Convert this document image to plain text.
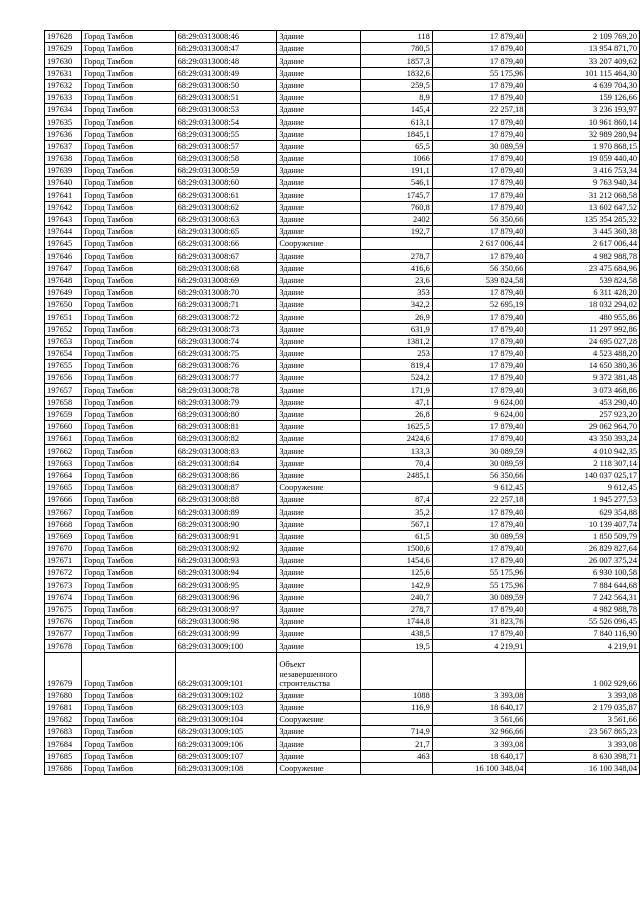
197628	Город Тамбов	68:29:0313008:46	Здание	118	17 879,40	2 109 769,20
197629	Город Тамбов	68:29:0313008:47	Здание	780,5	17 879,40	13 954 871,70
197630	Город Тамбов	68:29:0313008:48	Здание	1857,3	17 879,40	33 207 409,62
197631	Город Тамбов	68:29:0313008:49	Здание	1832,6	55 175,96	101 115 464,30
197632	Город Тамбов	68:29:0313008:50	Здание	259,5	17 879,40	4 639 704,30
197633	Город Тамбов	68:29:0313008:51	Здание	8,9	17 879,40	159 126,66
197634	Город Тамбов	68:29:0313008:53	Здание	145,4	22 257,18	3 236 193,97
197635	Город Тамбов	68:29:0313008:54	Здание	613,1	17 879,40	10 961 860,14
197636	Город Тамбов	68:29:0313008:55	Здание	1845,1	17 879,40	32 989 280,94
197637	Город Тамбов	68:29:0313008:57	Здание	65,5	30 089,59	1 970 868,15
197638	Город Тамбов	68:29:0313008:58	Здание	1066	17 879,40	19 059 440,40
197639	Город Тамбов	68:29:0313008:59	Здание	191,1	17 879,40	3 416 753,34
197640	Город Тамбов	68:29:0313008:60	Здание	546,1	17 879,40	9 763 940,34
197641	Город Тамбов	68:29:0313008:61	Здание	1745,7	17 879,40	31 212 068,58
197642	Город Тамбов	68:29:0313008:62	Здание	760,8	17 879,40	13 602 647,52
197643	Город Тамбов	68:29:0313008:63	Здание	2402	56 350,66	135 354 285,32
197644	Город Тамбов	68:29:0313008:65	Здание	192,7	17 879,40	3 445 360,38
197645	Город Тамбов	68:29:0313008:66	Сооружение		2 617 006,44	2 617 006,44
197646	Город Тамбов	68:29:0313008:67	Здание	278,7	17 879,40	4 982 988,78
197647	Город Тамбов	68:29:0313008:68	Здание	416,6	56 350,66	23 475 684,96
197648	Город Тамбов	68:29:0313008:69	Здание	23,6	539 824,58	539 824,58
197649	Город Тамбов	68:29:0313008:70	Здание	353	17 879,40	6 311 428,20
197650	Город Тамбов	68:29:0313008:71	Здание	342,2	52 695,19	18 032 294,02
197651	Город Тамбов	68:29:0313008:72	Здание	26,9	17 879,40	480 955,86
197652	Город Тамбов	68:29:0313008:73	Здание	631,9	17 879,40	11 297 992,86
197653	Город Тамбов	68:29:0313008:74	Здание	1381,2	17 879,40	24 695 027,28
197654	Город Тамбов	68:29:0313008:75	Здание	253	17 879,40	4 523 488,20
197655	Город Тамбов	68:29:0313008:76	Здание	819,4	17 879,40	14 650 380,36
197656	Город Тамбов	68:29:0313008:77	Здание	524,2	17 879,40	9 372 381,48
197657	Город Тамбов	68:29:0313008:78	Здание	171,9	17 879,40	3 073 468,86
197658	Город Тамбов	68:29:0313008:79	Здание	47,1	9 624,00	453 290,40
197659	Город Тамбов	68:29:0313008:80	Здание	26,8	9 624,00	257 923,20
197660	Город Тамбов	68:29:0313008:81	Здание	1625,5	17 879,40	29 062 964,70
197661	Город Тамбов	68:29:0313008:82	Здание	2424,6	17 879,40	43 350 393,24
197662	Город Тамбов	68:29:0313008:83	Здание	133,3	30 089,59	4 010 942,35
197663	Город Тамбов	68:29:0313008:84	Здание	70,4	30 089,59	2 118 307,14
197664	Город Тамбов	68:29:0313008:86	Здание	2485,1	56 350,66	140 037 025,17
197665	Город Тамбов	68:29:0313008:87	Сооружение		9 612,45	9 612,45
197666	Город Тамбов	68:29:0313008:88	Здание	87,4	22 257,18	1 945 277,53
197667	Город Тамбов	68:29:0313008:89	Здание	35,2	17 879,40	629 354,88
197668	Город Тамбов	68:29:0313008:90	Здание	567,1	17 879,40	10 139 407,74
197669	Город Тамбов	68:29:0313008:91	Здание	61,5	30 089,59	1 850 509,79
197670	Город Тамбов	68:29:0313008:92	Здание	1500,6	17 879,40	26 829 827,64
197671	Город Тамбов	68:29:0313008:93	Здание	1454,6	17 879,40	26 007 375,24
197672	Город Тамбов	68:29:0313008:94	Здание	125,6	55 175,96	6 930 100,58
197673	Город Тамбов	68:29:0313008:95	Здание	142,9	55 175,96	7 884 644,68
197674	Город Тамбов	68:29:0313008:96	Здание	240,7	30 089,59	7 242 564,31
197675	Город Тамбов	68:29:0313008:97	Здание	278,7	17 879,40	4 982 988,78
197676	Город Тамбов	68:29:0313008:98	Здание	1744,8	31 823,76	55 526 096,45
197677	Город Тамбов	68:29:0313008:99	Здание	438,5	17 879,40	7 840 116,90
197678	Город Тамбов	68:29:0313009:100	Здание	19,5	4 219,91	4 219,91
197679	Город Тамбов	68:29:0313009:101	Объект незавершенного строительства			1 002 929,66
197680	Город Тамбов	68:29:0313009:102	Здание	1088	3 393,08	3 393,08
197681	Город Тамбов	68:29:0313009:103	Здание	116,9	18 640,17	2 179 035,87
197682	Город Тамбов	68:29:0313009:104	Сооружение		3 561,66	3 561,66
197683	Город Тамбов	68:29:0313009:105	Здание	714,9	32 966,66	23 567 865,23
197684	Город Тамбов	68:29:0313009:106	Здание	21,7	3 393,08	3 393,08
197685	Город Тамбов	68:29:0313009:107	Здание	463	18 640,17	8 630 398,71
197686	Город Тамбов	68:29:0313009:108	Сооружение		16 100 348,04	16 100 348,04
